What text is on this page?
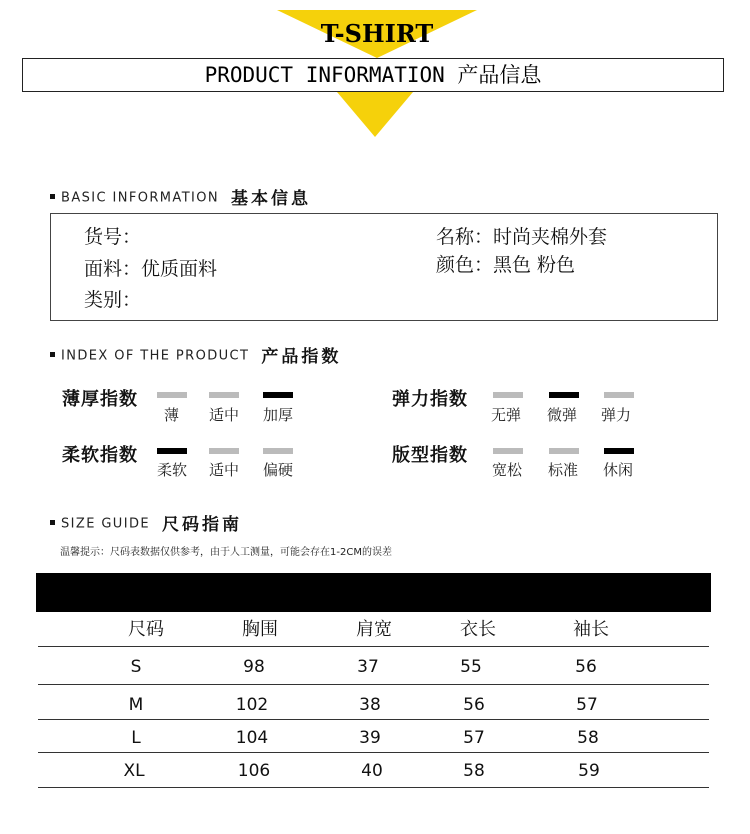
T-SHIRT
PRODUCT INFORMATION 产品信息
BASIC INFORMATION 基本信息
货号：
面料：优质面料
类别：
名称：时尚夹棉外套
颜色：黑色 粉色
INDEX OF THE PRODUCT 产品指数
薄厚指数
薄 适中 加厚
弹力指数
无弹 微弹 弹力
柔软指数
柔软 适中 偏硬
版型指数
宽松 标准 休闲
SIZE GUIDE 尺码指南
温馨提示：尺码表数据仅供参考，由于人工测量，可能会存在1-2CM的误差
尺码	胸围	肩宽	衣长	袖长
S	98	37	55	56
M	102	38	56	57
L	104	39	57	58
XL	106	40	58	59
